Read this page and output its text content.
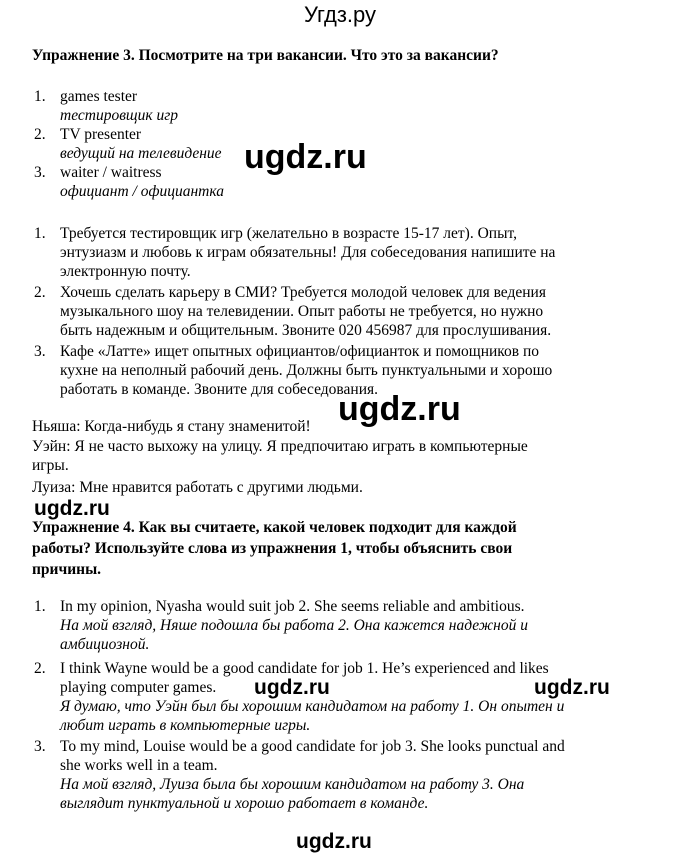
Угдз.ру
Упражнение 3. Посмотрите на три вакансии. Что это за вакансии?
1. games tester
тестировщик игр
2. TV presenter
ведущий на телевидение
3. waiter / waitress
официант / официантка
ugdz.ru
1. Требуется тестировщик игр (желательно в возрасте 15-17 лет). Опыт,
энтузиазм и любовь к играм обязательны! Для собеседования напишите на
электронную почту.
2. Хочешь сделать карьеру в СМИ? Требуется молодой человек для ведения
музыкального шоу на телевидении. Опыт работы не требуется, но нужно
быть надежным и общительным. Звоните 020 456987 для прослушивания.
3. Кафе «Латте» ищет опытных официантов/официанток и помощников по
кухне на неполный рабочий день. Должны быть пунктуальными и хорошо
работать в команде. Звоните для собеседования.
Ньяша: Когда-нибудь я стану знаменитой!
Уэйн: Я не часто выхожу на улицу. Я предпочитаю играть в компьютерные
игры.
Луиза: Мне нравится работать с другими людьми.
ugdz.ru
ugdz.ru
Упражнение 4. Как вы считаете, какой человек подходит для каждой
работы? Используйте слова из упражнения 1, чтобы объяснить свои
причины.
1. In my opinion, Nyasha would suit job 2. She seems reliable and ambitious.
На мой взгляд, Няше подошла бы работа 2. Она кажется надежной и
амбициозной.
2. I think Wayne would be a good candidate for job 1. He’s experienced and likes
playing computer games.
Я думаю, что Уэйн был бы хорошим кандидатом на работу 1. Он опытен и
любит играть в компьютерные игры.
3. To my mind, Louise would be a good candidate for job 3. She looks punctual and
she works well in a team.
На мой взгляд, Луиза была бы хорошим кандидатом на работу 3. Она
выглядит пунктуальной и хорошо работает в команде.
ugdz.ru	ugdz.ru
ugdz.ru
